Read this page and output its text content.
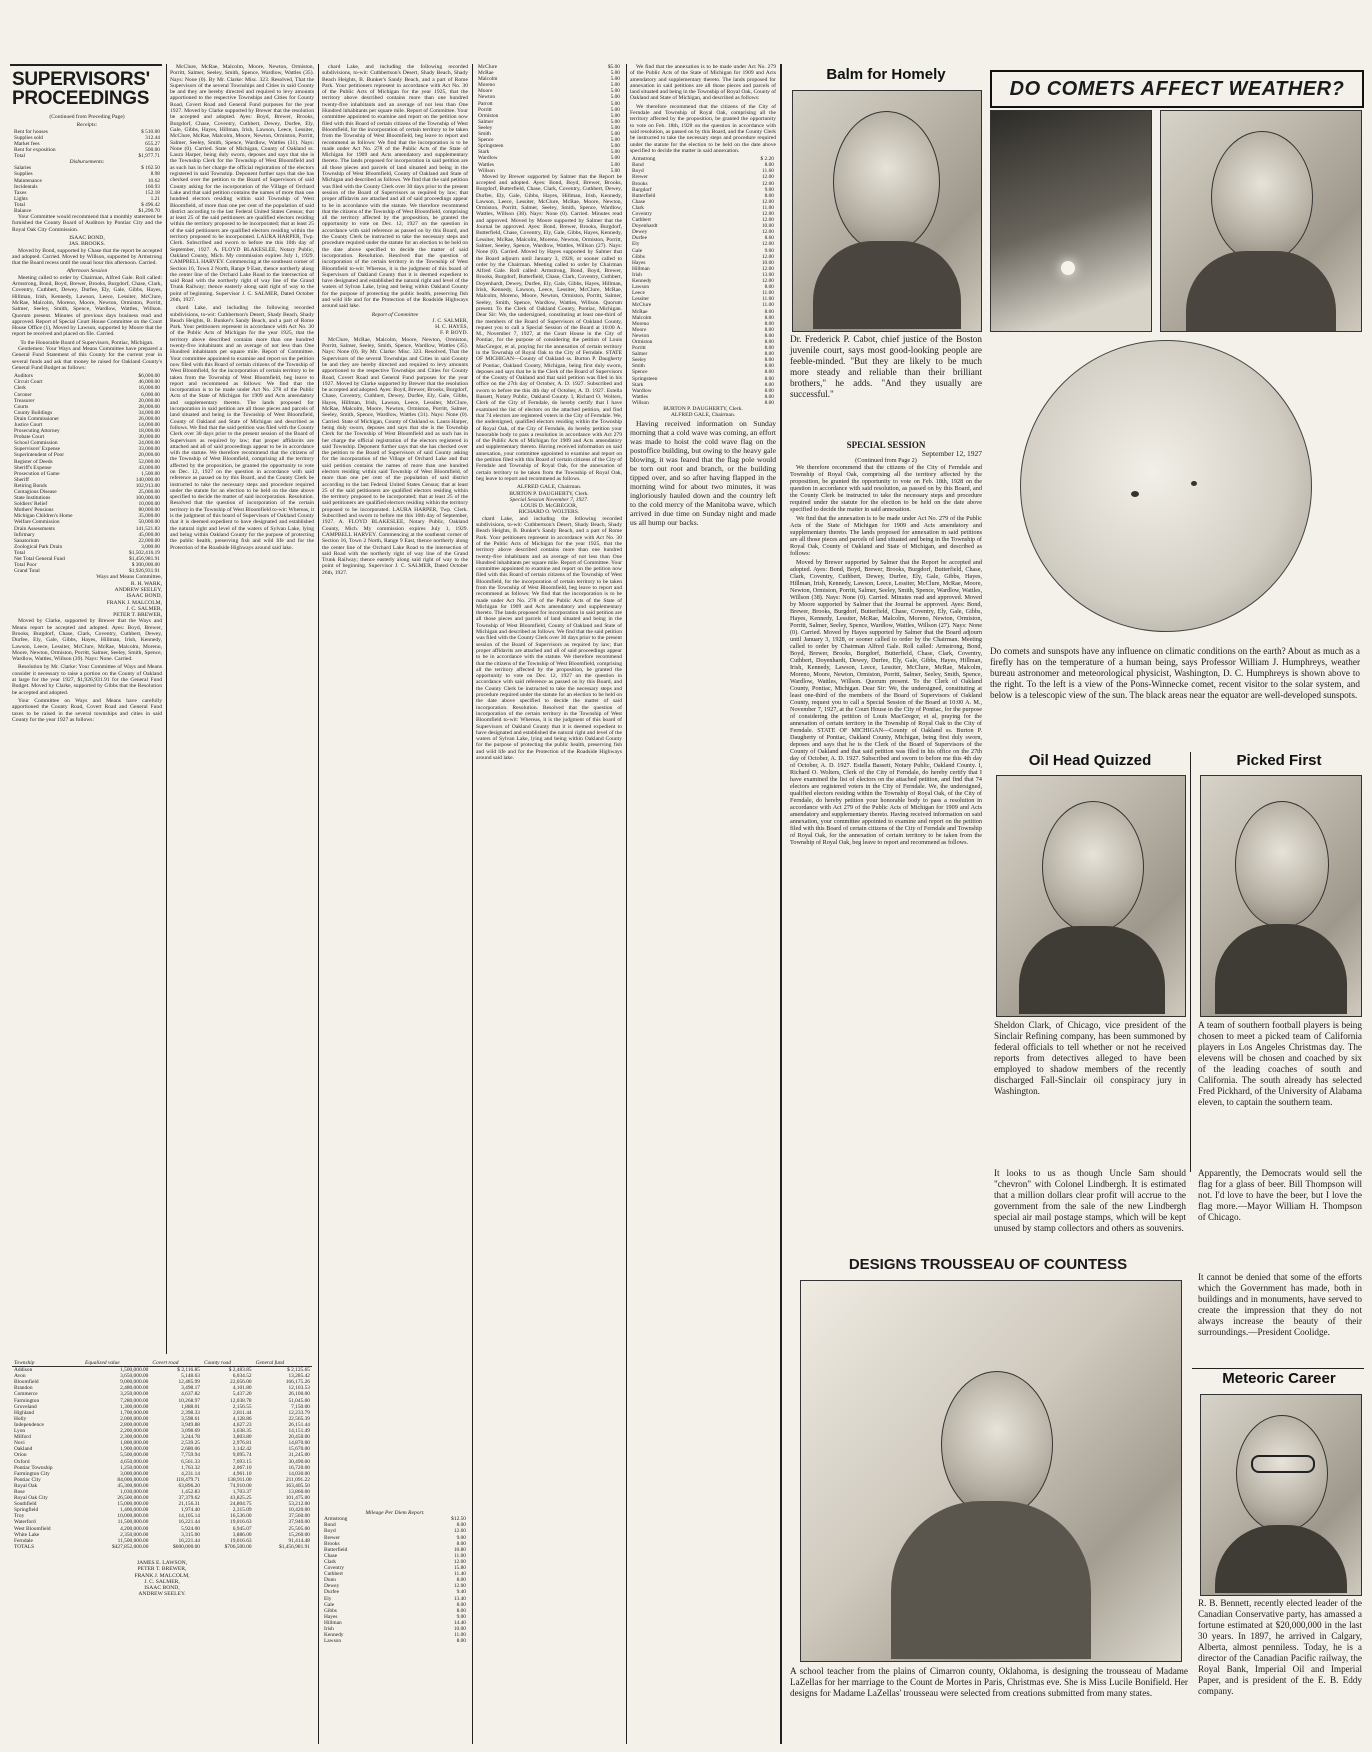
SUPERVISORS' PROCEEDINGS
(Continued from Preceding Page)
Receipts:
Rent for houses	$ 510.00
Supplies sold	312.44
Market fees	655.27
Rent for exposition	500.00
Total	$1,977.71
Disbursements:
Salaries	$ 162.50
Supplies	8.98
Maintenance	10.62
Incidentals	160.93
Taxes	152.18
Lights	1.21
Total	$ 496.42
Balance	$1,290.70

Your Committee would recommend that a monthly statement be furnished the County Board of Auditors by Pontiac City and the Royal Oak City Commission.

ISAAC BOND,
JAS. BROOKS.

Moved by Bond, supported by Chase that the report be accepted and adopted. Carried. Moved by Willson, supported by Armstrong that the Board recess until the usual hour this afternoon. Carried.

Afternoon Session

Meeting called to order by Chairman, Alfred Gale. Roll called: Armstrong, Bond, Boyd, Brewer, Brooks, Burgdorf, Chase, Clark, Coventry, Cuthbert, Dewey, Durfee, Ely, Gale, Gibbs, Hayes, Hillman, Irish, Kennedy, Lawson, Leece, Lessiter, McClure, McRae, Malcolm, Moreno, Moore, Newton, Ormiston, Porritt, Salmer, Seeley, Smith, Spence, Wardlow, Wattles, Willson. Quorum present. Minutes of previous days business read and approved. Report of Special Court House Committee on the Court House Office (1), Moved by Lawson, supported by Moore that the report be received and placed on file. Carried.

To the Honorable Board of Supervisors, Pontiac, Michigan.

Gentlemen: Your Ways and Means Committee have prepared a General Fund Statement of this County for the current year in several funds and ask that money be raised for Oakland County's General Fund Budget as follows:

Auditors	$6,000.00
Circuit Court	46,000.00
Clerk	16,000.00
Coroner	6,000.00
Treasurer	20,000.00
Courts	28,000.00
County Buildings	34,000.00
Drain Commissioner	26,000.00
Justice Court	14,000.00
Prosecuting Attorney	18,000.00
Probate Court	30,000.00
School Commission	24,000.00
Supervisors' Expense	33,000.00
Superintendent of Poor	20,000.00
Register of Deeds	52,000.00
Sheriff's Expense	43,000.00
Prosecution of Game	1,500.00
Sheriff	140,000.00
Retiring Bonds	102,913.00
Contagious Disease	25,000.00
State Institutions	100,000.00
Soldiers' Relief	10,000.00
Mothers' Pensions	80,000.00
Michigan Children's Home	35,000.00
Welfare Commission	50,000.00
Drain Assessments	141,521.83
Infirmary	45,000.00
Sanatorium	22,000.00
Zoological Park Drain	3,000.00
Total	$1,502,416.19
Net Total General Fund	$1,456,981.91
Total Poor	$ 300,000.00
Grand Total	$1,926,931.91
Ways and Means Committee,
R. H. WARK,
ANDREW SEELEY,
ISAAC BOND,
FRANK J. MALCOLM,
J. C. SALMER,
PETER T. BREWER,

Moved by Clarke, supported by Brewer that the Ways and Means report be accepted and adopted. Ayes: Boyd, Brewer, Brooks, Burgdorf, Chase, Clark, Coventry, Cuthbert, Dewey, Durfee, Ely, Gale, Gibbs, Hayes, Hillman, Irish, Kennedy, Lawson, Leece, Lessiter, McClure, McRae, Malcolm, Moreno, Moore, Newton, Ormiston, Porritt, Salmer, Seeley, Smith, Spence, Wardlow, Wattles, Willson (39). Nays: None. Carried.

Resolution by Mr. Clarke: Your Committee of Ways and Means consider it necessary to raise a portion on the County of Oakland at large for the year 1927, $1,926,931.91 for the General Fund Budget. Moved by Clarke, supported by Gibbs that the Resolution be accepted and adopted.

Your Committee on Ways and Means have carefully apportioned the County Road, Covert Road and General Fund taxes to be raised in the several townships and cities in said County for the year 1927 as follows:

Township	Equalized value	Covert road	County road	General fund
Addison	1,500,000.00	$ 2,116.85	$ 2,483.85	$ 2,125.65
Avon	3,650,000.00	5,148.63	6,034.52	13,285.42
Bloomfield	9,000,000.00	12,485.99	22,056.00	166,175.26
Brandon	2,480,000.00	3,498.17	4,101.80	12,103.53
Commerce	3,250,000.00	4,637.82	5,437.20	26,100.00
Farmington	7,280,000.00	10,268.97	12,038.78	51,045.00
Groveland	1,300,000.00	1,888.01	2,156.55	7,150.00
Highland	1,700,000.00	2,398.33	2,811.44	12,233.79
Holly	2,000,000.00	3,598.61	4,128.86	22,565.39
Independence	2,800,000.00	3,949.88	4,627.23	26,151.44
Lyon	2,200,000.00	3,098.69	3,638.35	14,151.49
Milford	2,300,000.00	3,244.78	3,803.80	20,450.00
Novi	1,800,000.00	2,539.25	2,976.81	14,870.00
Oakland	1,900,000.00	2,680.06	3,142.42	15,670.00
Orion	5,500,000.00	7,759.94	9,095.74	31,245.00
Oxford	4,650,000.00	6,561.33	7,693.15	30,490.00
Pontiac Township	1,250,000.00	1,763.32	2,067.10	16,720.00
Farmington City	3,000,000.00	4,231.14	4,961.10	14,030.00
Pontiac City	84,000,000.00	118,479.71	138,911.00	211,091.22
Royal Oak	45,300,000.00	63,896.20	74,910.00	163,405.50
Rose	1,030,000.00	1,452.83	1,703.37	13,860.00
Royal Oak City	26,500,000.00	37,379.62	43,825.25	101,475.00
Southfield	15,000,000.00	21,156.31	24,804.75	53,212.00
Springfield	1,400,000.00	1,974.40	2,315.09	10,420.00
Troy	10,000,000.00	14,105.14	16,536.00	37,560.00
Waterford	11,500,000.00	16,221.44	19,016.63	37,940.00
West Bloomfield	4,200,000.00	5,924.00	6,945.07	25,505.00
White Lake	2,350,000.00	3,315.00	3,886.00	15,260.00
Ferndale	11,500,000.00	16,221.44	19,016.63	91,414.48
TOTALS	$427,852,000.00	$600,000.00	$706,500.00	$1,456,981.91
JAMES E. LAWSON,
PETER T. BREWER,
FRANK J. MALCOLM,
J. C. SALMER,
ISAAC BOND,
ANDREW SEELEY.

McClure, McRae, Malcolm, Moore, Newton, Ormiston, Porritt, Salmer, Seeley, Smith, Spence, Wardlow, Wattles (35). Nays: None (0). By Mr. Clarke: Misc. 323. Resolved, That the Supervisors of the several Townships and Cities in said County be and they are hereby directed and required to levy amounts apportioned to the respective Townships and Cities for County Road, Covert Road and General Fund purposes for the year 1927. Moved by Clarke supported by Brewer that the resolution be accepted and adopted. Ayes: Boyd, Brewer, Brooks, Burgdorf, Chase, Coventry, Cuthbert, Dewey, Durfee, Ely, Gale, Gibbs, Hayes, Hillman, Irish, Lawson, Leece, Lessiter, McClure, McRae, Malcolm, Moore, Newton, Ormiston, Porritt, Salmer, Seeley, Smith, Spence, Wardlow, Wattles (31). Nays: None (0). Carried. State of Michigan, County of Oakland ss. Laura Harper, being duly sworn, deposes and says that she is the Township Clerk for the Township of West Bloomfield and as such has in her charge the official registration of the electors registered in said Township. Deponent further says that she has checked over the petition to the Board of Supervisors of said County asking for the incorporation of the Village of Orchard Lake and that said petition contains the names of more than one hundred electors residing within said Township of West Bloomfield, of more than one per cent of the population of said district according to the last Federal United States Census; that at least 25 of the said petitioners are qualified electors residing within the territory proposed to be incorporated; that at least 25 of the said petitioners are qualified electors residing within the territory proposed to be incorporated. LAURA HARPER, Twp. Clerk. Subscribed and sworn to before me this 10th day of September, 1927. A. FLOYD BLAKESLEE, Notary Public, Oakland County, Mich. My commission expires July 1, 1929. CAMPBELL HARVEY. Commencing at the southeast corner of Section 16, Town 2 North, Range 9 East, thence northerly along the center line of the Orchard Lake Road to the intersection of said Road with the northerly right of way line of the Grand Trunk Railway; thence easterly along said right of way to the point of beginning. Supervisor J. C. SALMER, Dated October 26th, 1927.

chard Lake, and including the following recorded subdivisions, to-wit: Cuthbertson's Desert, Shady Beach, Shady Beach Heights, B. Bunker's Sandy Beach, and a part of Rome Park. Your petitioners represent in accordance with Act No. 30 of the Public Acts of Michigan for the year 1925, that the territory above described contains more than one hundred twenty-five inhabitants and an average of not less than One Hundred inhabitants per square mile. Report of Committee. Your committee appointed to examine and report on the petition now filed with this Board of certain citizens of the Township of West Bloomfield, for the incorporation of certain territory to be taken from the Township of West Bloomfield, beg leave to report and recommend as follows: We find that the incorporation is to be made under Act No. 278 of the Public Acts of the State of Michigan for 1909 and Acts amendatory and supplementary thereto. The lands proposed for incorporation in said petition are all those pieces and parcels of land situated and being in the Township of West Bloomfield, County of Oakland and State of Michigan and described as follows. We find that the said petition was filed with the County Clerk over 30 days prior to the present session of the Board of Supervisors as required by law; that proper affidavits are attached and all of said proceedings appear to be in accordance with the statute. We therefore recommend that the citizens of the Township of West Bloomfield, comprising all the territory affected by the proposition, be granted the opportunity to vote on Dec. 12, 1927 on the question in accordance with said reference as passed on by this Board, and the County Clerk be instructed to take the necessary steps and procedure required under the statute for an election to be held on the date above specified to decide the matter of said incorporation. Resolution. Resolved that the question of incorporation of the certain territory in the Township of West Bloomfield to-wit: Whereas, it is the judgment of this board of Supervisors of Oakland County that it is deemed expedient to have designated and established the natural right and level of the waters of Sylvan Lake, lying and being within Oakland County for the purpose of protecting the public health, preserving fish and wild life and for the Protection of the Roadside Highways around said lake.

chard Lake, and including the following recorded subdivisions, to-wit: Cuthbertson's Desert, Shady Beach, Shady Beach Heights, B. Bunker's Sandy Beach, and a part of Rome Park. Your petitioners represent in accordance with Act No. 30 of the Public Acts of Michigan for the year 1925, that the territory above described contains more than one hundred twenty-five inhabitants and an average of not less than One Hundred inhabitants per square mile. Report of Committee. Your committee appointed to examine and report on the petition now filed with this Board of certain citizens of the Township of West Bloomfield, for the incorporation of certain territory to be taken from the Township of West Bloomfield, beg leave to report and recommend as follows: We find that the incorporation is to be made under Act No. 278 of the Public Acts of the State of Michigan for 1909 and Acts amendatory and supplementary thereto. The lands proposed for incorporation in said petition are all those pieces and parcels of land situated and being in the Township of West Bloomfield, County of Oakland and State of Michigan and described as follows. We find that the said petition was filed with the County Clerk over 30 days prior to the present session of the Board of Supervisors as required by law; that proper affidavits are attached and all of said proceedings appear to be in accordance with the statute. We therefore recommend that the citizens of the Township of West Bloomfield, comprising all the territory affected by the proposition, be granted the opportunity to vote on Dec. 12, 1927 on the question in accordance with said reference as passed on by this Board, and the County Clerk be instructed to take the necessary steps and procedure required under the statute for an election to be held on the date above specified to decide the matter of said incorporation. Resolution. Resolved that the question of incorporation of the certain territory in the Township of West Bloomfield to-wit: Whereas, it is the judgment of this board of Supervisors of Oakland County that it is deemed expedient to have designated and established the natural right and level of the waters of Sylvan Lake, lying and being within Oakland County for the purpose of protecting the public health, preserving fish and wild life and for the Protection of the Roadside Highways around said lake.

Report of Committee
J. C. SALMER,
H. C. HAYES,
F. P. BOYD.

McClure, McRae, Malcolm, Moore, Newton, Ormiston, Porritt, Salmer, Seeley, Smith, Spence, Wardlow, Wattles (35). Nays: None (0). By Mr. Clarke: Misc. 323. Resolved, That the Supervisors of the several Townships and Cities in said County be and they are hereby directed and required to levy amounts apportioned to the respective Townships and Cities for County Road, Covert Road and General Fund purposes for the year 1927. Moved by Clarke supported by Brewer that the resolution be accepted and adopted. Ayes: Boyd, Brewer, Brooks, Burgdorf, Chase, Coventry, Cuthbert, Dewey, Durfee, Ely, Gale, Gibbs, Hayes, Hillman, Irish, Lawson, Leece, Lessiter, McClure, McRae, Malcolm, Moore, Newton, Ormiston, Porritt, Salmer, Seeley, Smith, Spence, Wardlow, Wattles (31). Nays: None (0). Carried. State of Michigan, County of Oakland ss. Laura Harper, being duly sworn, deposes and says that she is the Township Clerk for the Township of West Bloomfield and as such has in her charge the official registration of the electors registered in said Township. Deponent further says that she has checked over the petition to the Board of Supervisors of said County asking for the incorporation of the Village of Orchard Lake and that said petition contains the names of more than one hundred electors residing within said Township of West Bloomfield, of more than one per cent of the population of said district according to the last Federal United States Census; that at least 25 of the said petitioners are qualified electors residing within the territory proposed to be incorporated; that at least 25 of the said petitioners are qualified electors residing within the territory proposed to be incorporated. LAURA HARPER, Twp. Clerk. Subscribed and sworn to before me this 10th day of September, 1927. A. FLOYD BLAKESLEE, Notary Public, Oakland County, Mich. My commission expires July 1, 1929. CAMPBELL HARVEY. Commencing at the southeast corner of Section 16, Town 2 North, Range 9 East, thence northerly along the center line of the Orchard Lake Road to the intersection of said Road with the northerly right of way line of the Grand Trunk Railway; thence easterly along said right of way to the point of beginning. Supervisor J. C. SALMER, Dated October 26th, 1927.

Mileage Per Diem Report.
Armstrong	$12.50
Bond	8.00
Boyd	12.60
Brewer	9.00
Brooks	8.00
Butterfield	10.80
Chase	11.00
Clark	12.00
Coventry	15.80
Cuthbert	11.40
Dunn	8.00
Dewey	12.00
Durfee	9.40
Ely	13.40
Gale	8.00
Gibbs	8.00
Hayes	9.00
Hillman	14.40
Irish	10.00
Kennedy	11.00
Lawson	8.00
McClure	$5.00
McRae	5.00
Malcolm	5.00
Moreno	5.00
Moore	5.00
Newton	5.00
Parrott	5.00
Porritt	5.00
Ormiston	5.00
Salmer	5.00
Seeley	5.00
Smith	5.00
Spence	5.00
Springsteen	5.00
Stark	5.00
Wardlow	5.00
Wattles	5.00
Willson	5.00

Moved by Brewer supported by Salmer that the Report be accepted and adopted. Ayes: Bond, Boyd, Brewer, Brooks, Burgdorf, Butterfield, Chase, Clark, Coventry, Cuthbert, Dewey, Durfee, Ely, Gale, Gibbs, Hayes, Hillman, Irish, Kennedy, Lawson, Leece, Lessiter, McClure, McRae, Moore, Newton, Ormiston, Porritt, Salmer, Seeley, Smith, Spence, Wardlow, Wattles, Willson (38). Nays: None (0). Carried. Minutes read and approved. Moved by Moore supported by Salmer that the Journal be approved. Ayes: Bond, Brewer, Brooks, Burgdorf, Butterfield, Chase, Coventry, Ely, Gale, Gibbs, Hayes, Kennedy, Lessiter, McRae, Malcolm, Moreno, Newton, Ormiston, Porritt, Salmer, Seeley, Spence, Wardlow, Wattles, Willson (27). Nays: None (0). Carried. Moved by Hayes supported by Salmer that the Board adjourn until January 3, 1928, or sooner called to order by the Chairman. Meeting called to order by Chairman Alfred Gale. Roll called: Armstrong, Bond, Boyd, Brewer, Brooks, Burgdorf, Butterfield, Chase, Clark, Coventry, Cuthbert, Doyenhardt, Dewey, Durfee, Ely, Gale, Gibbs, Hayes, Hillman, Irish, Kennedy, Lawson, Leece, Lessiter, McClure, McRae, Malcolm, Moreno, Moore, Newton, Ormiston, Porritt, Salmer, Seeley, Smith, Spence, Wardlow, Wattles, Willson. Quorum present. To the Clerk of Oakland County, Pontiac, Michigan. Dear Sir: We, the undersigned, constituting at least one-third of the members of the Board of Supervisors of Oakland County, request you to call a Special Session of the Board at 10:00 A. M., November 7, 1927, at the Court House in the City of Pontiac, for the purpose of considering the petition of Louis MacGregor, et al, praying for the annexation of certain territory in the Township of Royal Oak to the City of Ferndale. STATE OF MICHIGAN—County of Oakland ss. Burton P. Daugherty of Pontiac, Oakland County, Michigan, being first duly sworn, deposes and says that he is the Clerk of the Board of Supervisors of the County of Oakland and that said petition was filed in his office on the 27th day of October, A. D. 1927. Subscribed and sworn to before me this 4th day of October, A. D. 1927. Estella Bassett, Notary Public, Oakland County. I, Richard O. Wolters, Clerk of the City of Ferndale, do hereby certify that I have examined the list of electors on the attached petition, and find that 74 electors are registered voters in the City of Ferndale. We, the undersigned, qualified electors residing within the Township of Royal Oak, of the City of Ferndale, do hereby petition your honorable body to pass a resolution in accordance with Act 279 of the Public Acts of Michigan for 1909 and Acts amendatory and supplementary thereto. Having received information on said annexation, your committee appointed to examine and report on the petition filed with this Board of certain citizens of the City of Ferndale and Township of Royal Oak, for the annexation of certain territory to be taken from the Township of Royal Oak, beg leave to report and recommend as follows.

ALFRED GALE, Chairman.
BURTON P. DAUGHERTY, Clerk.
Special Session November 7, 1927.
LOUIS D. McGREGOR,
RICHARD O. WOLTERS.

chard Lake, and including the following recorded subdivisions, to-wit: Cuthbertson's Desert, Shady Beach, Shady Beach Heights, B. Bunker's Sandy Beach, and a part of Rome Park. Your petitioners represent in accordance with Act No. 30 of the Public Acts of Michigan for the year 1925, that the territory above described contains more than one hundred twenty-five inhabitants and an average of not less than One Hundred inhabitants per square mile. Report of Committee. Your committee appointed to examine and report on the petition now filed with this Board of certain citizens of the Township of West Bloomfield, for the incorporation of certain territory to be taken from the Township of West Bloomfield, beg leave to report and recommend as follows: We find that the incorporation is to be made under Act No. 278 of the Public Acts of the State of Michigan for 1909 and Acts amendatory and supplementary thereto. The lands proposed for incorporation in said petition are all those pieces and parcels of land situated and being in the Township of West Bloomfield, County of Oakland and State of Michigan and described as follows. We find that the said petition was filed with the County Clerk over 30 days prior to the present session of the Board of Supervisors as required by law; that proper affidavits are attached and all of said proceedings appear to be in accordance with the statute. We therefore recommend that the citizens of the Township of West Bloomfield, comprising all the territory affected by the proposition, be granted the opportunity to vote on Dec. 12, 1927 on the question in accordance with said reference as passed on by this Board, and the County Clerk be instructed to take the necessary steps and procedure required under the statute for an election to be held on the date above specified to decide the matter of said incorporation. Resolution. Resolved that the question of incorporation of the certain territory in the Township of West Bloomfield to-wit: Whereas, it is the judgment of this board of Supervisors of Oakland County that it is deemed expedient to have designated and established the natural right and level of the waters of Sylvan Lake, lying and being within Oakland County for the purpose of protecting the public health, preserving fish and wild life and for the Protection of the Roadside Highways around said lake.

We find that the annexation is to be made under Act No. 279 of the Public Acts of the State of Michigan for 1909 and Acts amendatory and supplementary thereto. The lands proposed for annexation in said petitions are all those pieces and parcels of land situated and being in the Township of Royal Oak, County of Oakland and State of Michigan, and described as follows:

We therefore recommend that the citizens of the City of Ferndale and Township of Royal Oak, comprising all the territory affected by the proposition, be granted the opportunity to vote on Feb. 18th, 1928 on the question in accordance with said resolution, as passed on by this Board, and the County Clerk be instructed to take the necessary steps and procedure required under the statute for the election to be held on the date above specified to decide the matter in said annexation.

Armstrong	$ 2.20
Bond	8.00
Boyd	11.60
Brewer	12.00
Brooks	12.00
Burgdorf	9.00
Butterfield	8.00
Chase	12.00
Clark	11.00
Coventry	12.00
Cuthbert	12.00
Doyenhardt	10.00
Dewey	12.00
Durfee	8.60
Ely	12.00
Gale	9.00
Gibbs	12.00
Hayes	10.00
Hillman	12.00
Irish	13.00
Kennedy	12.00
Lawson	8.00
Leece	11.00
Lessiter	11.00
McClure	11.00
McRae	8.00
Malcolm	8.00
Moreno	8.00
Moore	8.00
Newton	8.00
Ormiston	8.00
Porritt	8.00
Salmer	8.00
Seeley	8.00
Smith	8.00
Spence	8.00
Springsteen	8.00
Stark	8.00
Wardlow	8.00
Wattles	8.00
Willson	8.00
BURTON P. DAUGHERTY, Clerk.
ALFRED GALE, Chairman.

Having received information on Sunday morning that a cold wave was coming, an effort was made to hoist the cold wave flag on the postoffice building, but owing to the heavy gale blowing, it was feared that the flag pole would be torn out root and branch, or the building tipped over, and so after having flapped in the morning wind for about two minutes, it was ingloriously hauled down and the country left to the cold mercy of the Manitoba wave, which arrived in due time on Sunday night and made us all hump our backs.

Balm for Homely
Dr. Frederick P. Cabot, chief justice of the Boston juvenile court, says most good-looking people are feeble-minded. "But they are likely to be much more steady and reliable than their brilliant brothers," he adds. "And they usually are successful."
SPECIAL SESSION
September 12, 1927
(Continued from Page 2)

We therefore recommend that the citizens of the City of Ferndale and Township of Royal Oak, comprising all the territory affected by the proposition, be granted the opportunity to vote on Feb. 18th, 1928 on the question in accordance with said resolution, as passed on by this Board, and the County Clerk be instructed to take the necessary steps and procedure required under the statute for the election to be held on the date above specified to decide the matter in said annexation.

We find that the annexation is to be made under Act No. 279 of the Public Acts of the State of Michigan for 1909 and Acts amendatory and supplementary thereto. The lands proposed for annexation in said petitions are all those pieces and parcels of land situated and being in the Township of Royal Oak, County of Oakland and State of Michigan, and described as follows:

Moved by Brewer supported by Salmer that the Report be accepted and adopted. Ayes: Bond, Boyd, Brewer, Brooks, Burgdorf, Butterfield, Chase, Clark, Coventry, Cuthbert, Dewey, Durfee, Ely, Gale, Gibbs, Hayes, Hillman, Irish, Kennedy, Lawson, Leece, Lessiter, McClure, McRae, Moore, Newton, Ormiston, Porritt, Salmer, Seeley, Smith, Spence, Wardlow, Wattles, Willson (38). Nays: None (0). Carried. Minutes read and approved. Moved by Moore supported by Salmer that the Journal be approved. Ayes: Bond, Brewer, Brooks, Burgdorf, Butterfield, Chase, Coventry, Ely, Gale, Gibbs, Hayes, Kennedy, Lessiter, McRae, Malcolm, Moreno, Newton, Ormiston, Porritt, Salmer, Seeley, Spence, Wardlow, Wattles, Willson (27). Nays: None (0). Carried. Moved by Hayes supported by Salmer that the Board adjourn until January 3, 1928, or sooner called to order by the Chairman. Meeting called to order by Chairman Alfred Gale. Roll called: Armstrong, Bond, Boyd, Brewer, Brooks, Burgdorf, Butterfield, Chase, Clark, Coventry, Cuthbert, Doyenhardt, Dewey, Durfee, Ely, Gale, Gibbs, Hayes, Hillman, Irish, Kennedy, Lawson, Leece, Lessiter, McClure, McRae, Malcolm, Moreno, Moore, Newton, Ormiston, Porritt, Salmer, Seeley, Smith, Spence, Wardlow, Wattles, Willson. Quorum present. To the Clerk of Oakland County, Pontiac, Michigan. Dear Sir: We, the undersigned, constituting at least one-third of the members of the Board of Supervisors of Oakland County, request you to call a Special Session of the Board at 10:00 A. M., November 7, 1927, at the Court House in the City of Pontiac, for the purpose of considering the petition of Louis MacGregor, et al, praying for the annexation of certain territory in the Township of Royal Oak to the City of Ferndale. STATE OF MICHIGAN—County of Oakland ss. Burton P. Daugherty of Pontiac, Oakland County, Michigan, being first duly sworn, deposes and says that he is the Clerk of the Board of Supervisors of the County of Oakland and that said petition was filed in his office on the 27th day of October, A. D. 1927. Subscribed and sworn to before me this 4th day of October, A. D. 1927. Estella Bassett, Notary Public, Oakland County. I, Richard O. Wolters, Clerk of the City of Ferndale, do hereby certify that I have examined the list of electors on the attached petition, and find that 74 electors are registered voters in the City of Ferndale. We, the undersigned, qualified electors residing within the Township of Royal Oak, of the City of Ferndale, do hereby petition your honorable body to pass a resolution in accordance with Act 279 of the Public Acts of Michigan for 1909 and Acts amendatory and supplementary thereto. Having received information on said annexation, your committee appointed to examine and report on the petition filed with this Board of certain citizens of the City of Ferndale and Township of Royal Oak, for the annexation of certain territory to be taken from the Township of Royal Oak, beg leave to report and recommend as follows.

DO COMETS AFFECT WEATHER?
Do comets and sunspots have any influence on climatic conditions on the earth? About as much as a firefly has on the temperature of a human being, says Professor William J. Humphreys, weather bureau astronomer and meteorological physicist, Washington, D. C. Humphreys is shown above to the right. To the left is a view of the Pons-Winnecke comet, recent visitor to the solar system, and below is a telescopic view of the sun. The black areas near the equator are well-developed sunspots.
Oil Head Quizzed
Sheldon Clark, of Chicago, vice president of the Sinclair Refining company, has been summoned by federal officials to tell whether or not he received reports from detectives alleged to have been employed to shadow members of the recently discharged Fall-Sinclair oil conspiracy jury in Washington.
Picked First
A team of southern football players is being chosen to meet a picked team of California players in Los Angeles Christmas day. The elevens will be chosen and coached by six of the leading coaches of south and California. The south already has selected Fred Pickhard, of the University of Alabama eleven, to captain the southern team.
It looks to us as though Uncle Sam should "chevron" with Colonel Lindbergh. It is estimated that a million dollars clear profit will accrue to the government from the sale of the new Lindbergh special air mail postage stamps, which will be kept unused by stamp collectors and others as souvenirs.
Apparently, the Democrats would sell the flag for a glass of beer. Bill Thompson will not. I'd love to have the beer, but I love the flag more.—Mayor William H. Thompson of Chicago.
It cannot be denied that some of the efforts which the Government has made, both in buildings and in monuments, have served to create the impression that they do not always increase the beauty of their surroundings.—President Coolidge.
DESIGNS TROUSSEAU OF COUNTESS
A school teacher from the plains of Cimarron county, Oklahoma, is designing the trousseau of Madame LaZellas for her marriage to the Count de Mortes in Paris, Christmas eve. She is Miss Lucile Bonifield. Her designs for Madame LaZellas' trousseau were selected from creations submitted from many states.
Meteoric Career
R. B. Bennett, recently elected leader of the Canadian Conservative party, has amassed a fortune estimated at $20,000,000 in the last 30 years. In 1897, he arrived in Calgary, Alberta, almost penniless. Today, he is a director of the Canadian Pacific railway, the Royal Bank, Imperial Oil and Imperial Paper, and is president of the E. B. Eddy company.
